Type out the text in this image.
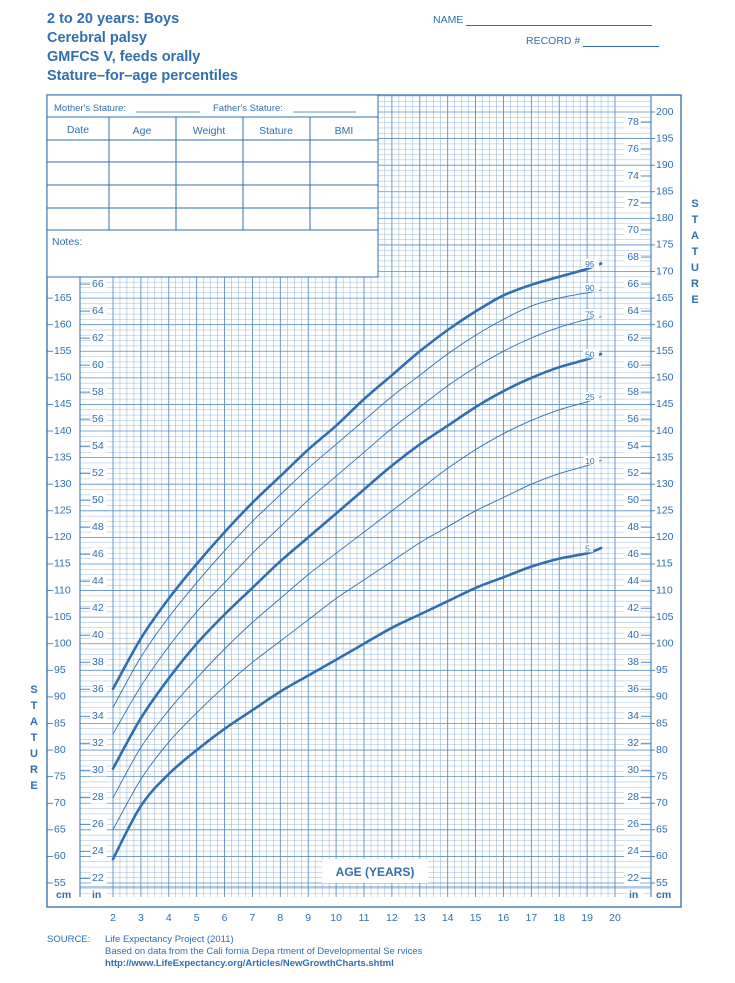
2 to 20 years: Boys
Cerebral palsy
GMFCS V, feeds orally
Stature–for–age percentiles
NAME
RECORD #
95
90
75
50
25
10
5
Mother's Stature:	Father's Stature:
Date	Age	Weight	Stature	BMI
Notes:
55	55
60	60
65	65
70	70
75	75
80	80
85	85
90	90
95	95
100	100
105	105
110	110
115	115
120	120
125	125
130	130
135	135
140	140
145	145
150	150
155	155
160	160
165	165
170
175
180
185
190
195
200
22	22
24	24
26	26
28	28
30	30
32	32
34	34
36	36
38	38
40	40
42	42
44	44
46	46
48	48
50	50
52	52
54	54
56	56
58	58
60	60
62	62
64	64
66	66
68
70
72
74
76
78
cm in	in cm
2 3 4 5 6 7 8 9 10 11 12 13 14 15 16 17 18 19 20
AGE (YEARS)
S
T
A
T
U
R
E
S
T
A
T
U
R
E
SOURCE: Life Expectancy Project (2011)
Based on data from the Cali fornia Depa rtment of Developmental Se rvices
http://www.LifeExpectancy.org/Articles/NewGrowthCharts.shtml
